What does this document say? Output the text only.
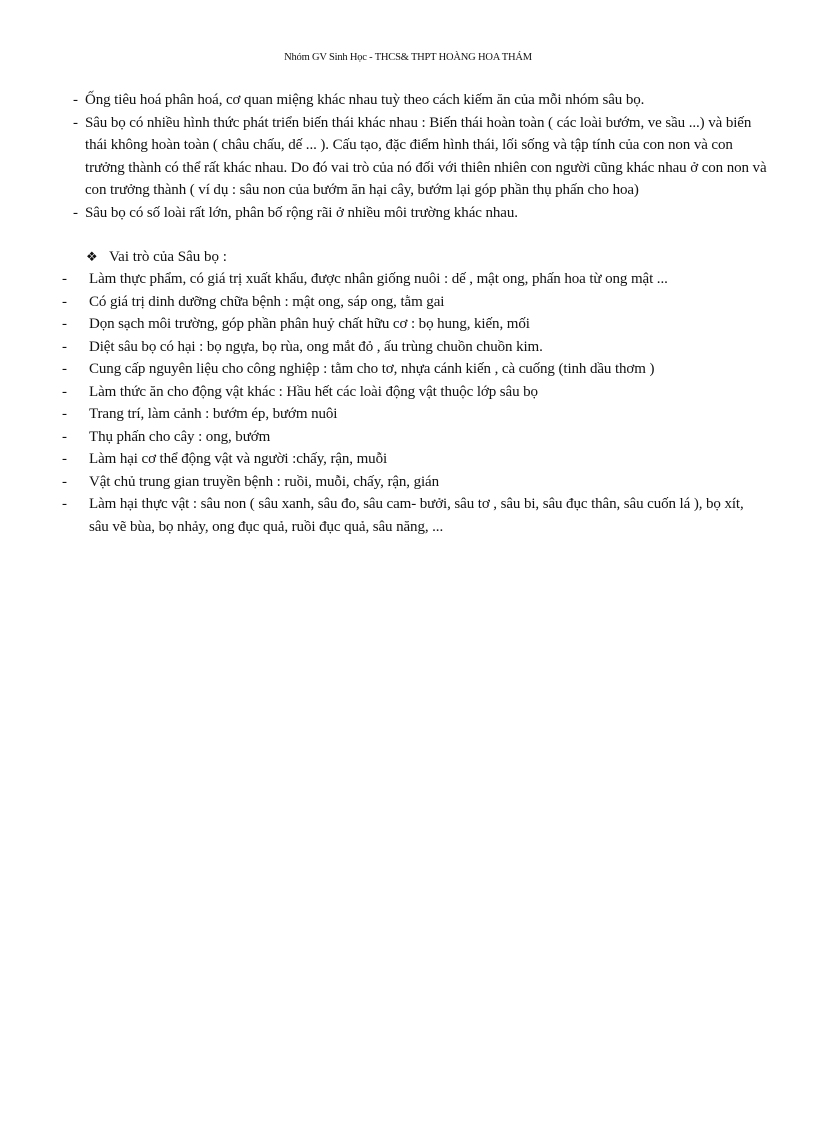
Nhóm GV Sinh Học - THCS& THPT HOÀNG HOA THÁM
- Ống tiêu hoá phân hoá, cơ quan miệng khác nhau tuỳ theo cách kiếm ăn của mỗi nhóm sâu bọ.
- Sâu bọ có nhiều hình thức phát triển biến thái khác nhau : Biến thái hoàn toàn ( các loài bướm, ve sầu ...) và biến thái không hoàn toàn ( châu chấu, dế ... ). Cấu tạo, đặc điểm hình thái, lối sống và tập tính của con non và con trưởng thành có thể rất khác nhau. Do đó vai trò của nó đối với thiên nhiên con người cũng khác nhau ở con non và con trưởng thành ( ví dụ : sâu non của bướm ăn hại cây, bướm lại góp phần thụ phấn cho hoa)
- Sâu bọ có số loài rất lớn, phân bố rộng rãi ở nhiều môi trường khác nhau.
❖ Vai trò của Sâu bọ :
- Làm thực phẩm, có giá trị xuất khẩu, được nhân giống nuôi : dế , mật ong, phấn hoa từ ong mật ...
- Có giá trị dinh dưỡng chữa bệnh : mật ong, sáp ong, tằm gai
- Dọn sạch môi trường, góp phần phân huỷ chất hữu cơ : bọ hung, kiến, mối
- Diệt sâu bọ có hại : bọ ngựa, bọ rùa, ong mắt đỏ , ấu trùng chuồn chuồn kim.
- Cung cấp nguyên liệu cho công nghiệp : tằm cho tơ, nhựa cánh kiến , cà cuống (tinh dầu thơm )
- Làm thức ăn cho động vật khác : Hầu hết các loài động vật thuộc lớp sâu bọ
- Trang trí, làm cảnh : bướm ép, bướm nuôi
- Thụ phấn cho cây : ong, bướm
- Làm hại cơ thể động vật và người :chấy, rận, muỗi
- Vật chủ trung gian truyền bệnh : ruồi, muỗi, chấy, rận, gián
- Làm hại thực vật : sâu non ( sâu xanh, sâu đo, sâu cam- bưởi, sâu tơ , sâu bi, sâu đục thân, sâu cuốn lá ), bọ xít, sâu vẽ bùa, bọ nhảy, ong đục quả, ruồi đục quả, sâu năng, ...
